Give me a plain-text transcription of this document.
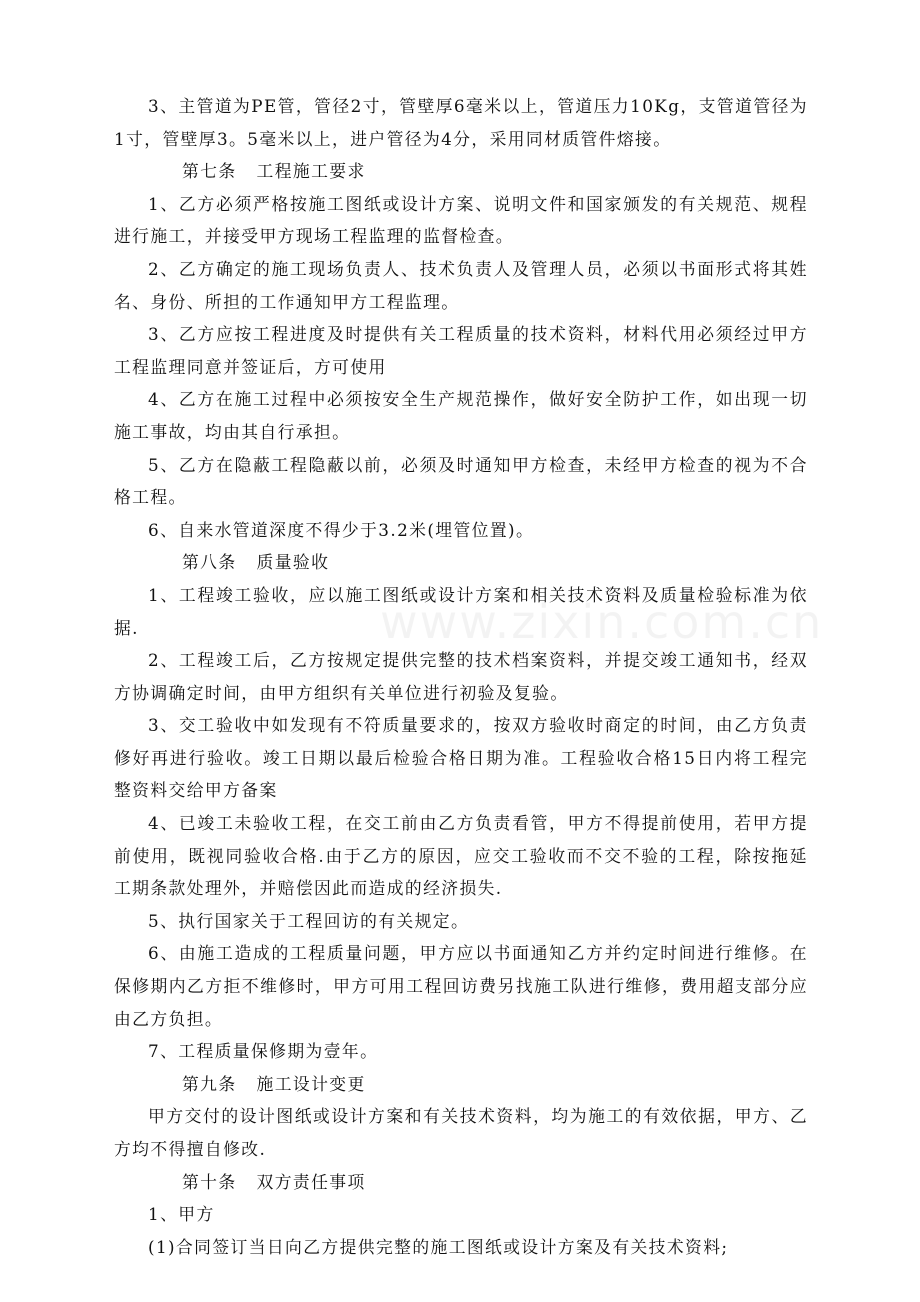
3、主管道为PE管，管径2寸，管壁厚6毫米以上，管道压力10Kg，支管道管径为1寸，管壁厚3。5毫米以上，进户管径为4分，采用同材质管件熔接。

第七条 工程施工要求

1、乙方必须严格按施工图纸或设计方案、说明文件和国家颁发的有关规范、规程进行施工，并接受甲方现场工程监理的监督检查。

2、乙方确定的施工现场负责人、技术负责人及管理人员，必须以书面形式将其姓名、身份、所担的工作通知甲方工程监理。

3、乙方应按工程进度及时提供有关工程质量的技术资料，材料代用必须经过甲方工程监理同意并签证后，方可使用

4、乙方在施工过程中必须按安全生产规范操作，做好安全防护工作，如出现一切施工事故，均由其自行承担。

5、乙方在隐蔽工程隐蔽以前，必须及时通知甲方检查，未经甲方检查的视为不合格工程。

6、自来水管道深度不得少于3.2米(埋管位置)。

第八条 质量验收

1、工程竣工验收，应以施工图纸或设计方案和相关技术资料及质量检验标准为依据.

2、工程竣工后，乙方按规定提供完整的技术档案资料，并提交竣工通知书，经双方协调确定时间，由甲方组织有关单位进行初验及复验。

3、交工验收中如发现有不符质量要求的，按双方验收时商定的时间，由乙方负责修好再进行验收。竣工日期以最后检验合格日期为准。工程验收合格15日内将工程完整资料交给甲方备案

4、已竣工未验收工程，在交工前由乙方负责看管，甲方不得提前使用，若甲方提前使用，既视同验收合格.由于乙方的原因，应交工验收而不交不验的工程，除按拖延工期条款处理外，并赔偿因此而造成的经济损失.

5、执行国家关于工程回访的有关规定。

6、由施工造成的工程质量问题，甲方应以书面通知乙方并约定时间进行维修。在保修期内乙方拒不维修时，甲方可用工程回访费另找施工队进行维修，费用超支部分应由乙方负担。

7、工程质量保修期为壹年。

第九条 施工设计变更

甲方交付的设计图纸或设计方案和有关技术资料，均为施工的有效依据，甲方、乙方均不得擅自修改.

第十条 双方责任事项

1、甲方

(1)合同签订当日向乙方提供完整的施工图纸或设计方案及有关技术资料;
